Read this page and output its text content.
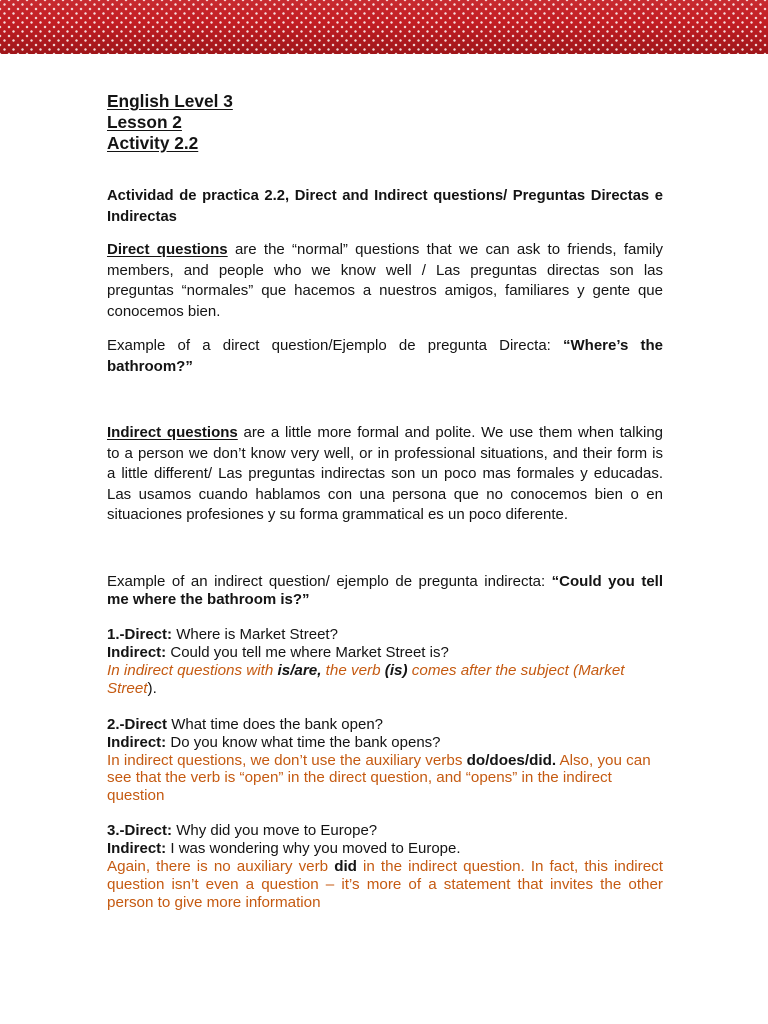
English Level 3
Lesson 2
Activity 2.2
Actividad de practica 2.2, Direct and Indirect questions/ Preguntas Directas e
Indirectas
Direct questions are the “normal” questions that we can ask to friends, family
members, and people who we know well / Las preguntas directas son las
preguntas “normales” que hacemos a nuestros amigos, familiares y gente que
conocemos bien.
Example of a direct question/Ejemplo de pregunta Directa: “Where’s the
bathroom?”
Indirect questions are a little more formal and polite. We use them when talking
to a person we don’t know very well, or in professional situations, and their form is
a little different/ Las preguntas indirectas son un poco mas formales y educadas.
Las usamos cuando hablamos con una persona que no conocemos bien o en
situaciones profesiones y su forma grammatical es un poco diferente.
Example of an indirect question/ ejemplo de pregunta indirecta: “Could you tell
me where the bathroom is?”
1.-Direct: Where is Market Street?
Indirect: Could you tell me where Market Street is?
In indirect questions with is/are, the verb (is) comes after the subject (Market
Street).
2.-Direct What time does the bank open?
Indirect: Do you know what time the bank opens?
In indirect questions, we don’t use the auxiliary verbs do/does/did. Also, you can
see that the verb is “open” in the direct question, and “opens” in the indirect
question
3.-Direct: Why did you move to Europe?
Indirect: I was wondering why you moved to Europe.
Again, there is no auxiliary verb did in the indirect question. In fact, this indirect
question isn’t even a question – it’s more of a statement that invites the other
person to give more information
